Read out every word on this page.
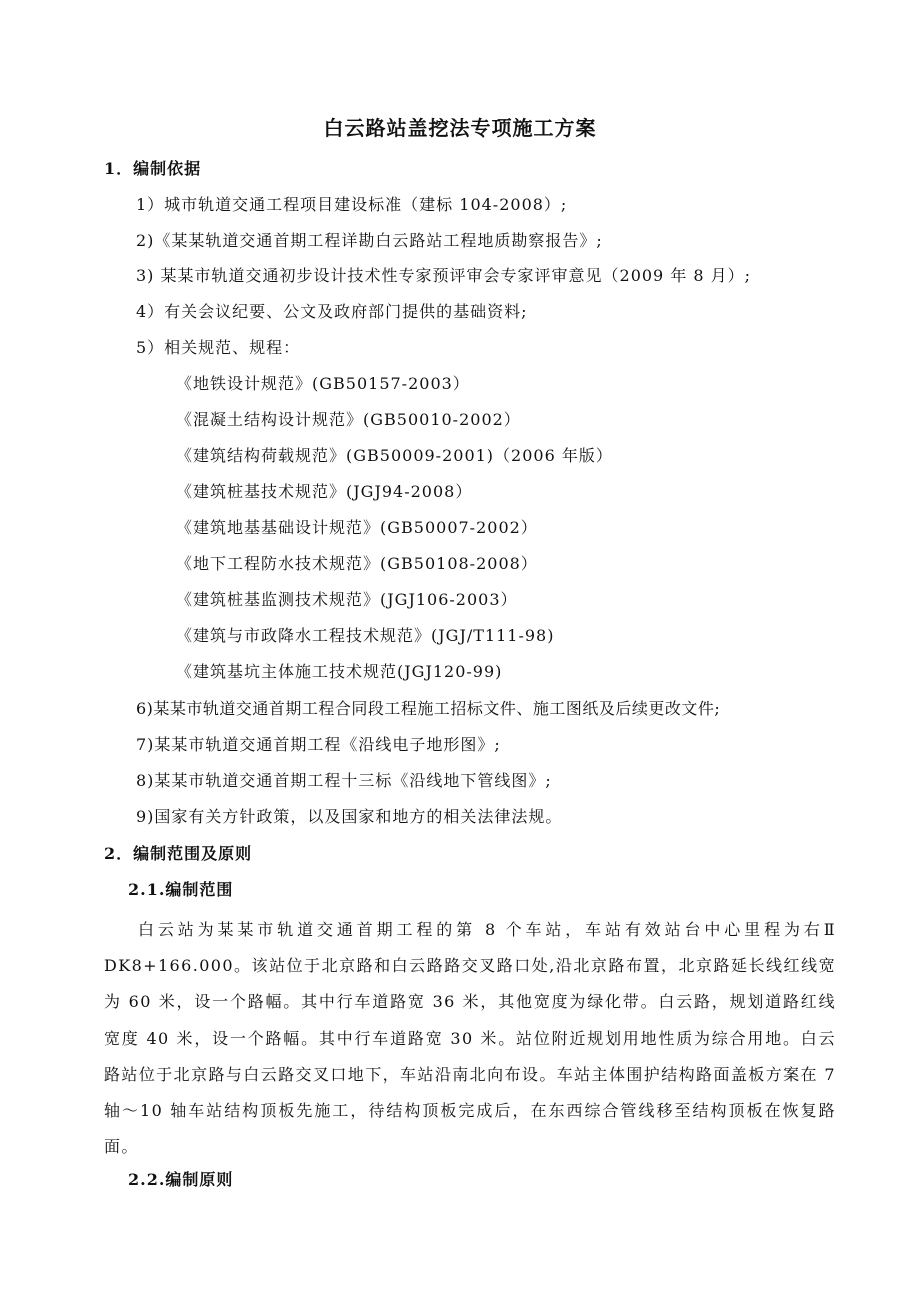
白云路站盖挖法专项施工方案
1．编制依据
1）城市轨道交通工程项目建设标准（建标 104-2008）;
2)《某某轨道交通首期工程详勘白云路站工程地质勘察报告》;
3) 某某市轨道交通初步设计技术性专家预评审会专家评审意见（2009 年 8 月）;
4）有关会议纪要、公文及政府部门提供的基础资料;
5）相关规范、规程：
《地铁设计规范》(GB50157-2003）
《混凝土结构设计规范》(GB50010-2002）
《建筑结构荷载规范》(GB50009-2001)（2006 年版）
《建筑桩基技术规范》(JGJ94-2008）
《建筑地基基础设计规范》(GB50007-2002）
《地下工程防水技术规范》(GB50108-2008）
《建筑桩基监测技术规范》(JGJ106-2003）
《建筑与市政降水工程技术规范》(JGJ/T111-98)
《建筑基坑主体施工技术规范(JGJ120-99)
6)某某市轨道交通首期工程合同段工程施工招标文件、施工图纸及后续更改文件;
7)某某市轨道交通首期工程《沿线电子地形图》;
8)某某市轨道交通首期工程十三标《沿线地下管线图》;
9)国家有关方针政策，以及国家和地方的相关法律法规。
2．编制范围及原则
2.1.编制范围
白云站为某某市轨道交通首期工程的第 8 个车站，车站有效站台中心里程为右Ⅱ DK8+166.000。该站位于北京路和白云路路交叉路口处,沿北京路布置，北京路延长线红线宽为 60 米，设一个路幅。其中行车道路宽 36 米，其他宽度为绿化带。白云路，规划道路红线宽度 40 米，设一个路幅。其中行车道路宽 30 米。站位附近规划用地性质为综合用地。白云路站位于北京路与白云路交叉口地下，车站沿南北向布设。车站主体围护结构路面盖板方案在 7 轴～10 轴车站结构顶板先施工，待结构顶板完成后，在东西综合管线移至结构顶板在恢复路面。
2.2.编制原则
